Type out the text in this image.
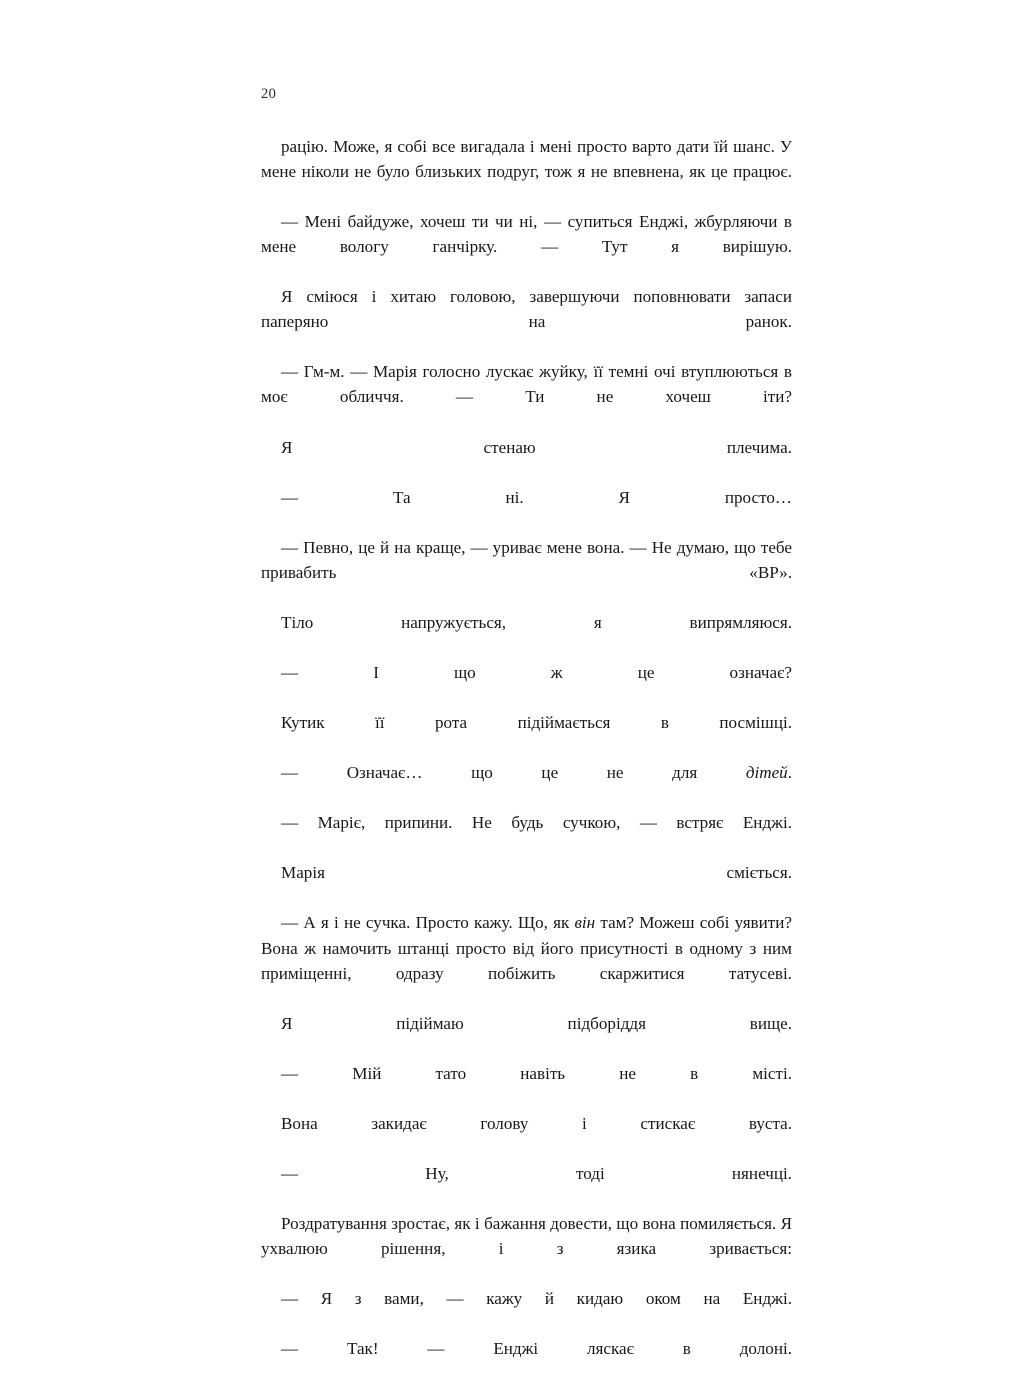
20

рацію. Може, я собі все вигадала і мені просто варто дати їй шанс. У мене ніколи не було близьких подруг, тож я не впевнена, як це працює.

— Мені байдуже, хочеш ти чи ні, — супиться Енджі, жбурляючи в мене вологу ганчірку. — Тут я вирішую.

Я сміюся і хитаю головою, завершуючи поповнювати запаси паперяно на ранок.

— Гм-м. — Марія голосно лускає жуйку, її темні очі втуплюються в моє обличчя. — Ти не хочеш іти?

Я стенаю плечима.

— Та ні. Я просто…

— Певно, це й на краще, — уриває мене вона. — Не думаю, що тебе привабить «ВР».

Тіло напружується, я випрямляюся.

— І що ж це означає?

Кутик її рота підіймається в посмішці.

— Означає… що це не для дітей.

— Маріє, припини. Не будь сучкою, — встряє Енджі.

Марія сміється.

— А я і не сучка. Просто кажу. Що, як він там? Можеш собі уявити? Вона ж намочить штанці просто від його присутності в одному з ним приміщенні, одразу побіжить скаржитися татусеві.

Я підіймаю підборіддя вище.

— Мій тато навіть не в місті.

Вона закидає голову і стискає вуста.

— Ну, тоді нянечці.

Роздратування зростає, як і бажання довести, що вона помиляється. Я ухвалюю рішення, і з язика зривається:

— Я з вами, — кажу й кидаю оком на Енджі.

— Так! — Енджі ляскає в долоні.
